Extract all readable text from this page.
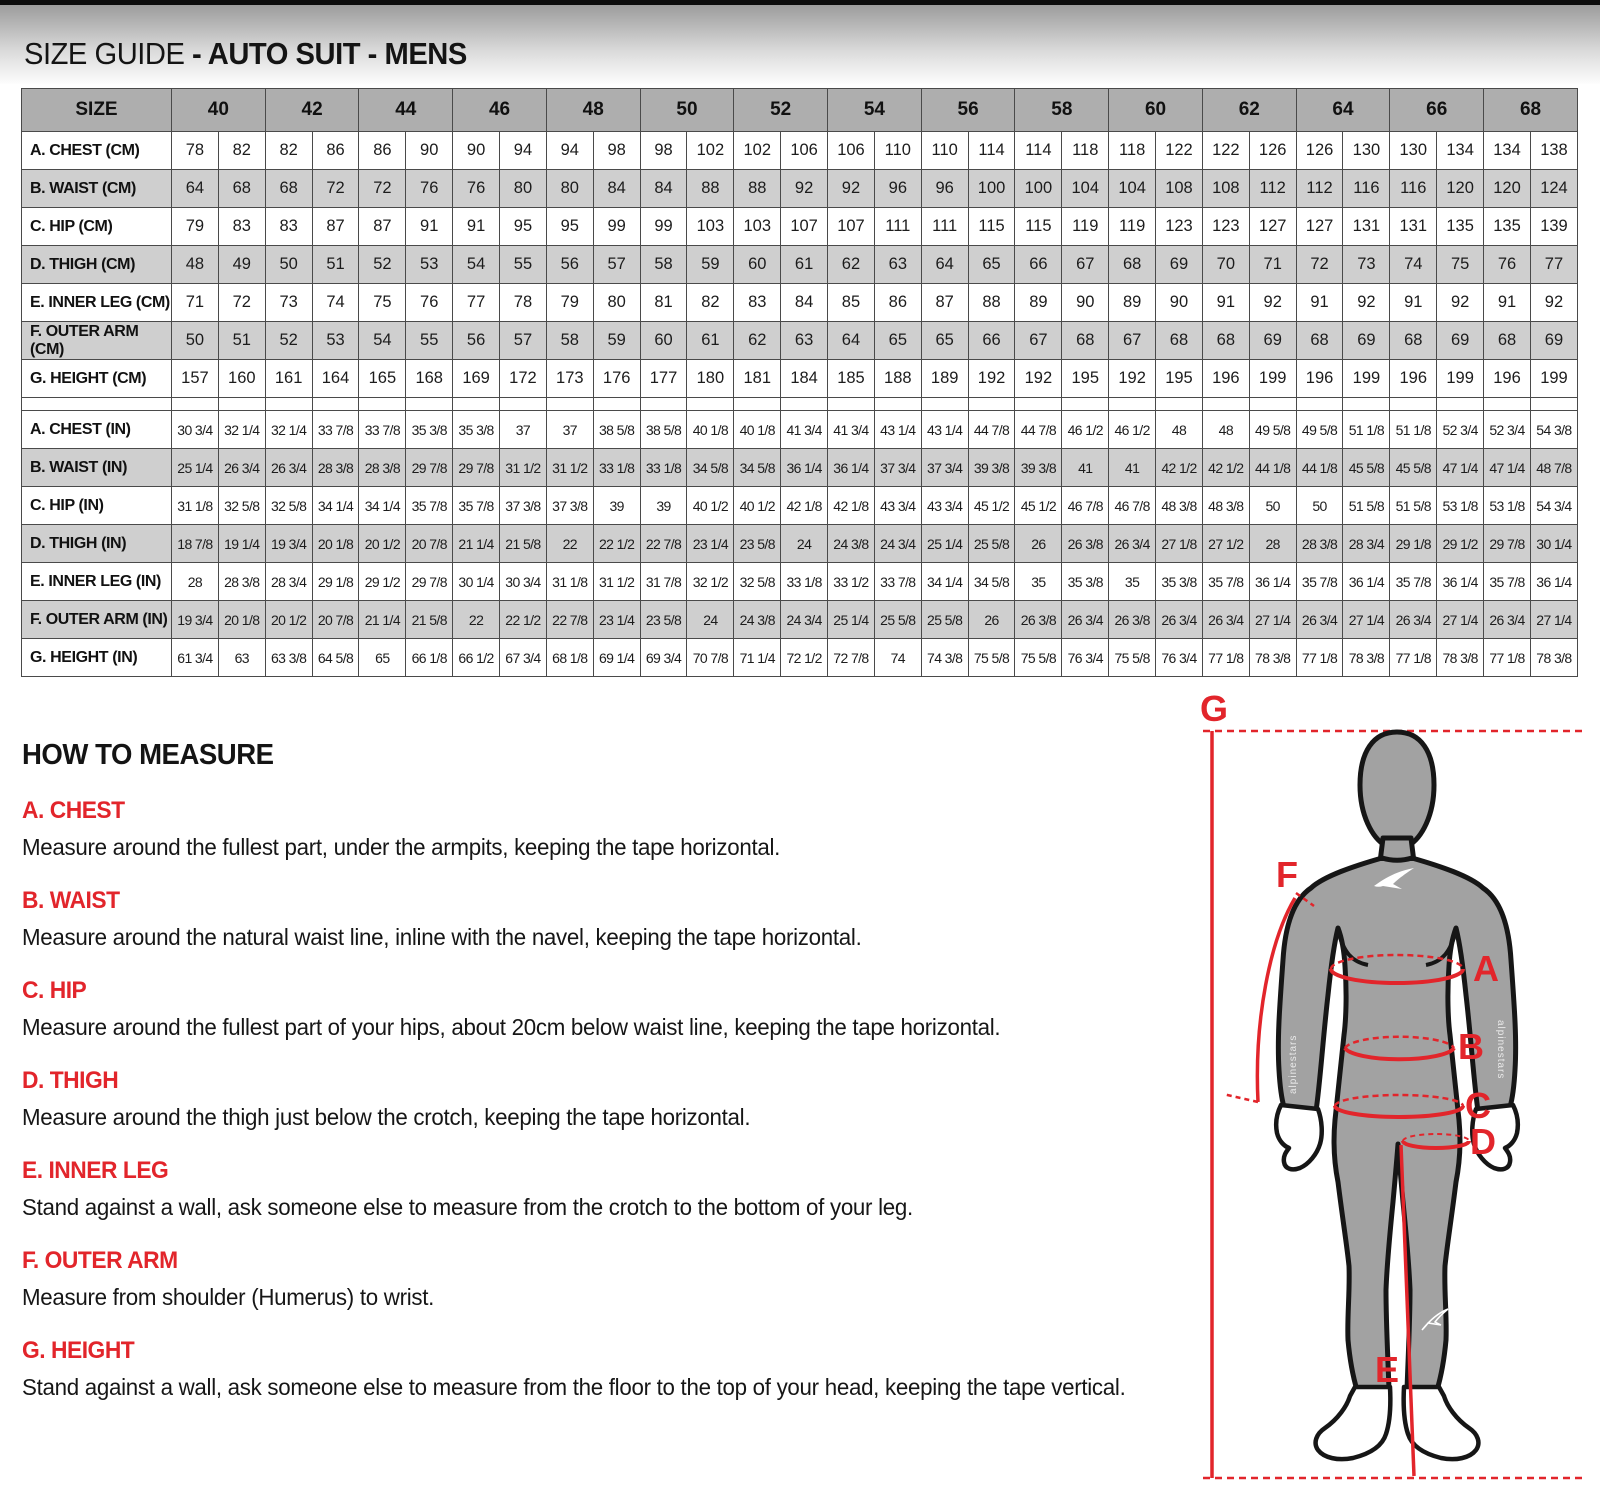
SIZE GUIDE - AUTO SUIT - MENS
SIZE	40		42		44		46		48		50		52		54		56		58		60		62		64		66		68	
A. CHEST (CM)	78	82	82	86	86	90	90	94	94	98	98	102	102	106	106	110	110	114	114	118	118	122	122	126	126	130	130	134	134	138
B. WAIST (CM)	64	68	68	72	72	76	76	80	80	84	84	88	88	92	92	96	96	100	100	104	104	108	108	112	112	116	116	120	120	124
C. HIP (CM)	79	83	83	87	87	91	91	95	95	99	99	103	103	107	107	111	111	115	115	119	119	123	123	127	127	131	131	135	135	139
D. THIGH (CM)	48	49	50	51	52	53	54	55	56	57	58	59	60	61	62	63	64	65	66	67	68	69	70	71	72	73	74	75	76	77
E. INNER LEG (CM)	71	72	73	74	75	76	77	78	79	80	81	82	83	84	85	86	87	88	89	90	89	90	91	92	91	92	91	92	91	92
F. OUTER ARM (CM)	50	51	52	53	54	55	56	57	58	59	60	61	62	63	64	65	65	66	67	68	67	68	68	69	68	69	68	69	68	69
G. HEIGHT (CM)	157	160	161	164	165	168	169	172	173	176	177	180	181	184	185	188	189	192	192	195	192	195	196	199	196	199	196	199	196	199

A. CHEST (IN)	30 3/4	32 1/4	32 1/4	33 7/8	33 7/8	35 3/8	35 3/8	37	37	38 5/8	38 5/8	40 1/8	40 1/8	41 3/4	41 3/4	43 1/4	43 1/4	44 7/8	44 7/8	46 1/2	46 1/2	48	48	49 5/8	49 5/8	51 1/8	51 1/8	52 3/4	52 3/4	54 3/8
B. WAIST (IN)	25 1/4	26 3/4	26 3/4	28 3/8	28 3/8	29 7/8	29 7/8	31 1/2	31 1/2	33 1/8	33 1/8	34 5/8	34 5/8	36 1/4	36 1/4	37 3/4	37 3/4	39 3/8	39 3/8	41	41	42 1/2	42 1/2	44 1/8	44 1/8	45 5/8	45 5/8	47 1/4	47 1/4	48 7/8
C. HIP (IN)	31 1/8	32 5/8	32 5/8	34 1/4	34 1/4	35 7/8	35 7/8	37 3/8	37 3/8	39	39	40 1/2	40 1/2	42 1/8	42 1/8	43 3/4	43 3/4	45 1/2	45 1/2	46 7/8	46 7/8	48 3/8	48 3/8	50	50	51 5/8	51 5/8	53 1/8	53 1/8	54 3/4
D. THIGH (IN)	18 7/8	19 1/4	19 3/4	20 1/8	20 1/2	20 7/8	21 1/4	21 5/8	22	22 1/2	22 7/8	23 1/4	23 5/8	24	24 3/8	24 3/4	25 1/4	25 5/8	26	26 3/8	26 3/4	27 1/8	27 1/2	28	28 3/8	28 3/4	29 1/8	29 1/2	29 7/8	30 1/4
E. INNER LEG (IN)	28	28 3/8	28 3/4	29 1/8	29 1/2	29 7/8	30 1/4	30 3/4	31 1/8	31 1/2	31 7/8	32 1/2	32 5/8	33 1/8	33 1/2	33 7/8	34 1/4	34 5/8	35	35 3/8	35	35 3/8	35 7/8	36 1/4	35 7/8	36 1/4	35 7/8	36 1/4	35 7/8	36 1/4
F. OUTER ARM (IN)	19 3/4	20 1/8	20 1/2	20 7/8	21 1/4	21 5/8	22	22 1/2	22 7/8	23 1/4	23 5/8	24	24 3/8	24 3/4	25 1/4	25 5/8	25 5/8	26	26 3/8	26 3/4	26 3/8	26 3/4	26 3/4	27 1/4	26 3/4	27 1/4	26 3/4	27 1/4	26 3/4	27 1/4
G. HEIGHT (IN)	61 3/4	63	63 3/8	64 5/8	65	66 1/8	66 1/2	67 3/4	68 1/8	69 1/4	69 3/4	70 7/8	71 1/4	72 1/2	72 7/8	74	74 3/8	75 5/8	75 5/8	76 3/4	75 5/8	76 3/4	77 1/8	78 3/8	77 1/8	78 3/8	77 1/8	78 3/8	77 1/8	78 3/8
HOW TO MEASURE
A. CHEST

Measure around the fullest part, under the armpits, keeping the tape horizontal.

B. WAIST

Measure around the natural waist line, inline with the navel, keeping the tape horizontal.

C. HIP

Measure around the fullest part of your hips, about 20cm below waist line, keeping the tape horizontal.

D. THIGH

Measure around the thigh just below the crotch, keeping the tape horizontal.

E. INNER LEG

Stand against a wall, ask someone else to measure from the crotch to the bottom of your leg.

F. OUTER ARM

Measure from shoulder (Humerus) to wrist.

G. HEIGHT

Stand against a wall, ask someone else to measure from the floor to the top of your head, keeping the tape vertical.

alpinestars	alpinestars
G
F
A
B
C
D
E
